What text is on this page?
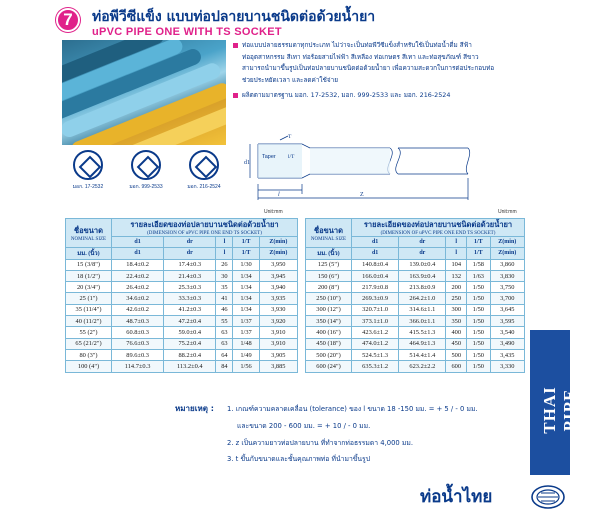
7	ท่อพีวีซีแข็ง แบบท่อปลายบานชนิดต่อด้วยน้ำยา
uPVC PIPE ONE WITH TS SOCKET
มอก. 17-2532	มอก. 999-2533	มอก. 216-2524
ท่อแบบปลายธรรมดาทุกประเภท ไม่ว่าจะเป็นท่อพีวีซีแข็งสำหรับใช้เป็นท่อน้ำดื่ม สีฟ้า
ท่ออุตสาหกรรม สีเทา ท่อร้อยสายไฟฟ้า สีเหลือง ท่อเกษตร สีเทา และท่อสุขภัณฑ์ สีขาว
สามารถนำมาขึ้นรูปเป็นท่อปลายบานชนิดต่อด้วยน้ำยา เพื่อความสะดวกในการต่อประกอบท่อ
ช่วยประหยัดเวลา และลดค่าใช้จ่าย
ผลิตตามมาตรฐาน มอก. 17-2532, มอก. 999-2533 และ มอก. 216-2524
d1
Taper
T
l/T
l	Z
Unit:mm
ชื่อขนาด
NOMINAL SIZE	รายละเอียดของท่อปลายบานชนิดต่อด้วยน้ำยา
(DIMENSION OF uPVC PIPE ONE END TS SOCKET)				

	d1	dr	l	1/T	Z(min)
มม. (นิ้ว)	d1	dr	l	1/T	Z(min)
15 (3/8")	18.4±0.2	17.4±0.3	26	1/30	3,950
18 (1/2")	22.4±0.2	21.4±0.3	30	1/34	3,945
20 (3/4")	26.4±0.2	25.3±0.3	35	1/34	3,940
25 (1")	34.6±0.2	33.3±0.3	41	1/34	3,935
35 (11/4")	42.6±0.2	41.2±0.3	46	1/34	3,930
40 (11/2")	48.7±0.3	47.2±0.4	55	1/37	3,920
55 (2")	60.8±0.3	59.0±0.4	63	1/37	3,910
65 (21/2")	76.6±0.3	75.2±0.4	63	1/48	3,910
80 (3")	89.6±0.3	88.2±0.4	64	1/49	3,905
100 (4")	114.7±0.3	113.2±0.4	84	1/56	3,885
Unit:mm
ชื่อขนาด
NOMINAL SIZE	รายละเอียดของท่อปลายบานชนิดต่อด้วยน้ำยา
(DIMENSION OF uPVC PIPE ONE END TS SOCKET)				

	d1	dr	l	1/T	Z(min)
มม. (นิ้ว)	d1	dr	l	1/T	Z(min)
125 (5")	140.8±0.4	139.0±0.4	104	1/58	3,860
150 (6")	166.0±0.4	163.9±0.4	132	1/63	3,830
200 (8")	217.9±0.8	213.8±0.9	200	1/50	3,750
250 (10")	269.3±0.9	264.2±1.0	250	1/50	3,700
300 (12")	320.7±1.0	314.6±1.1	300	1/50	3,645
350 (14")	373.1±1.0	366.0±1.1	350	1/50	3,595
400 (16")	423.6±1.2	415.5±1.3	400	1/50	3,540
450 (18")	474.0±1.2	464.9±1.3	450	1/50	3,490
500 (20")	524.5±1.3	514.4±1.4	500	1/50	3,435
600 (24")	635.3±1.2	623.2±2.2	600	1/50	3,330
หมายเหตุ : 1. เกณฑ์ความคลาดเคลื่อน (tolerance) ของ l ขนาด 18 -150 มม. = + 5 / - 0 มม.
และขนาด 200 - 600 มม. = + 10 / - 0 มม.
2. z เป็นความยาวท่อปลายบาน ที่ทำจากท่อธรรมดา 4,000 มม.
3. t ขึ้นกับขนาดและชั้นคุณภาพท่อ ที่นำมาขึ้นรูป
THAI PIPE
ท่อน้ำไทย
